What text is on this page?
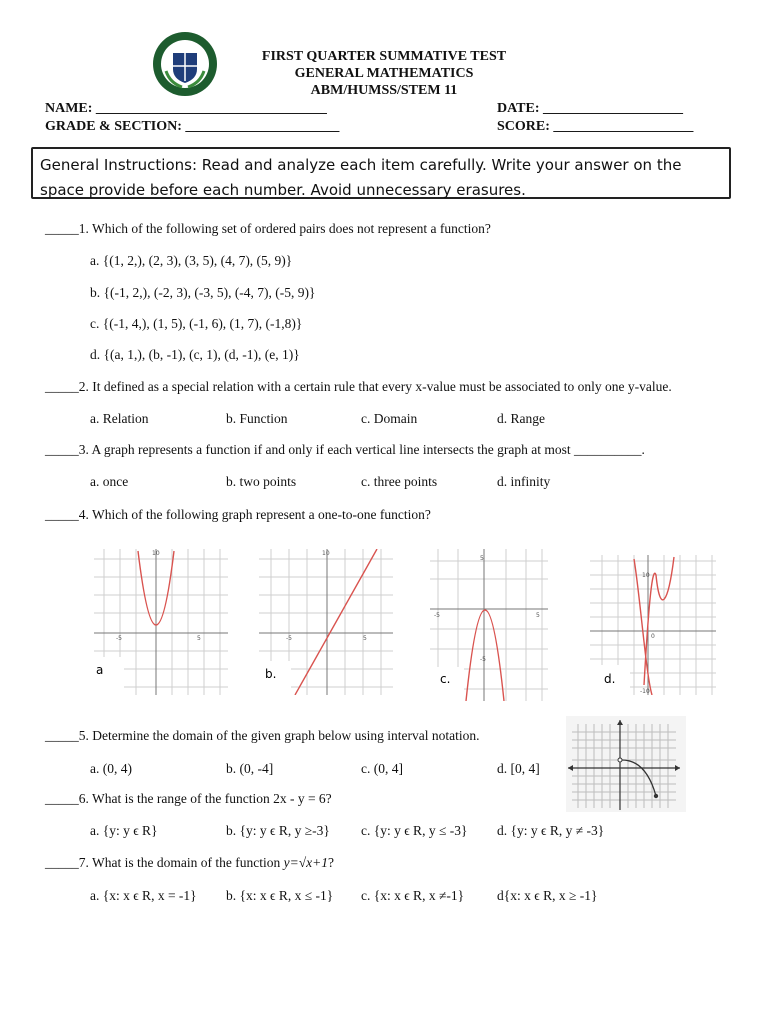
FIRST QUARTER SUMMATIVE TEST
GENERAL MATHEMATICS
ABM/HUMSS/STEM 11
NAME: _________________________________	DATE: ____________________
GRADE & SECTION: ______________________	SCORE: ____________________
General Instructions: Read and analyze each item carefully. Write your answer on the space provide before each number. Avoid unnecessary erasures.
_____1. Which of the following set of ordered pairs does not represent a function?
a. {(1, 2,), (2, 3), (3, 5), (4, 7), (5, 9)}
b. {(-1, 2,), (-2, 3), (-3, 5), (-4, 7), (-5, 9)}
c. {(-1, 4,), (1, 5), (-1, 6), (1, 7), (-1,8)}
d. {(a, 1,), (b, -1), (c, 1), (d, -1), (e, 1)}
_____2. It defined as a special relation with a certain rule that every x-value must be associated to only one y-value.
a. Relation	b. Function	c. Domain	d. Range
_____3. A graph represents a function if and only if each vertical line intersects the graph at most __________.
a. once	b. two points	c. three points	d. infinity
_____4. Which of the following graph represent a one-to-one function?
10
-5	5
a
10
-5	5
b.
5
-5	5
-5
c.
10
0
-10
d.
_____5. Determine the domain of the given graph below using interval notation.
a. (0, 4)	b. (0, -4]	c. (0, 4]	d. [0, 4]
_____6. What is the range of the function 2x - y = 6?
a. {y: y ϵ R}	b. {y: y ϵ R, y ≥-3} c. {y: y ϵ R, y ≤ -3} d. {y: y ϵ R, y ≠ -3}
_____7. What is the domain of the function y=√x+1?
a. {x: x ϵ R, x = -1} b. {x: x ϵ R, x ≤ -1} c. {x: x ϵ R, x ≠-1} d{x: x ϵ R, x ≥ -1}
